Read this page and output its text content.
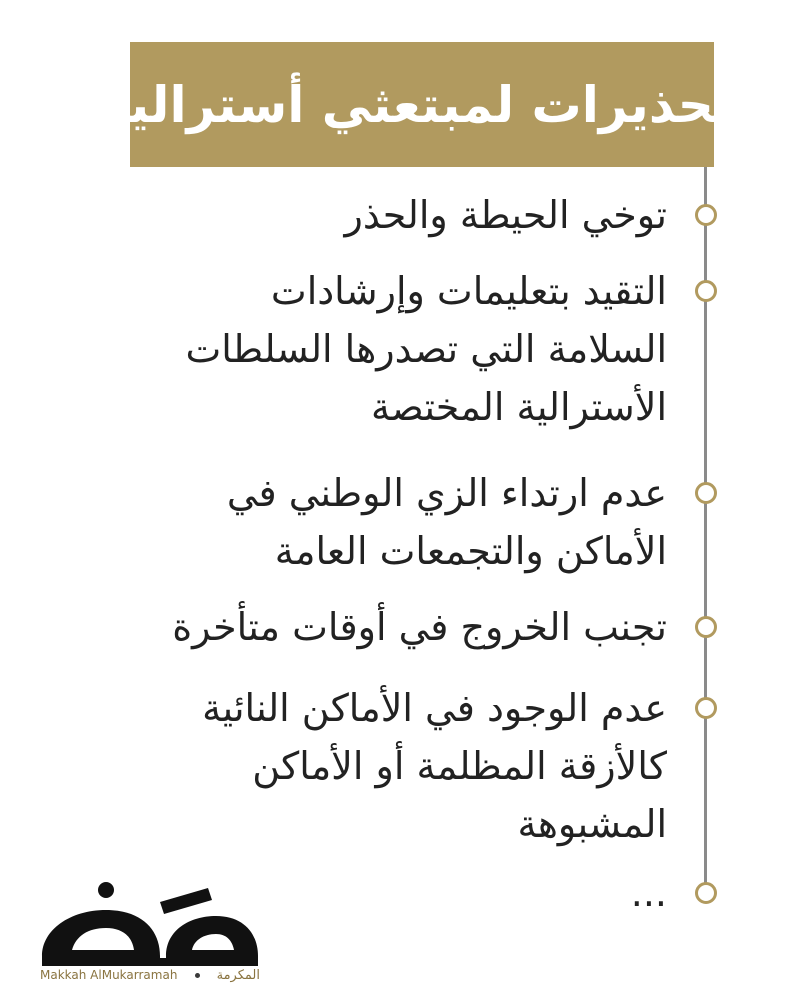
تحذيرات لمبتعثي أستراليا
توخي الحيطة والحذر
التقيد بتعليمات وإرشادات
السلامة التي تصدرها السلطات
الأسترالية المختصة
عدم ارتداء الزي الوطني في
الأماكن والتجمعات العامة
تجنب الخروج في أوقات متأخرة
عدم الوجود في الأماكن النائية
كالأزقة المظلمة أو الأماكن
المشبوهة
...
Makkah AlMukarramah	المكرمة
